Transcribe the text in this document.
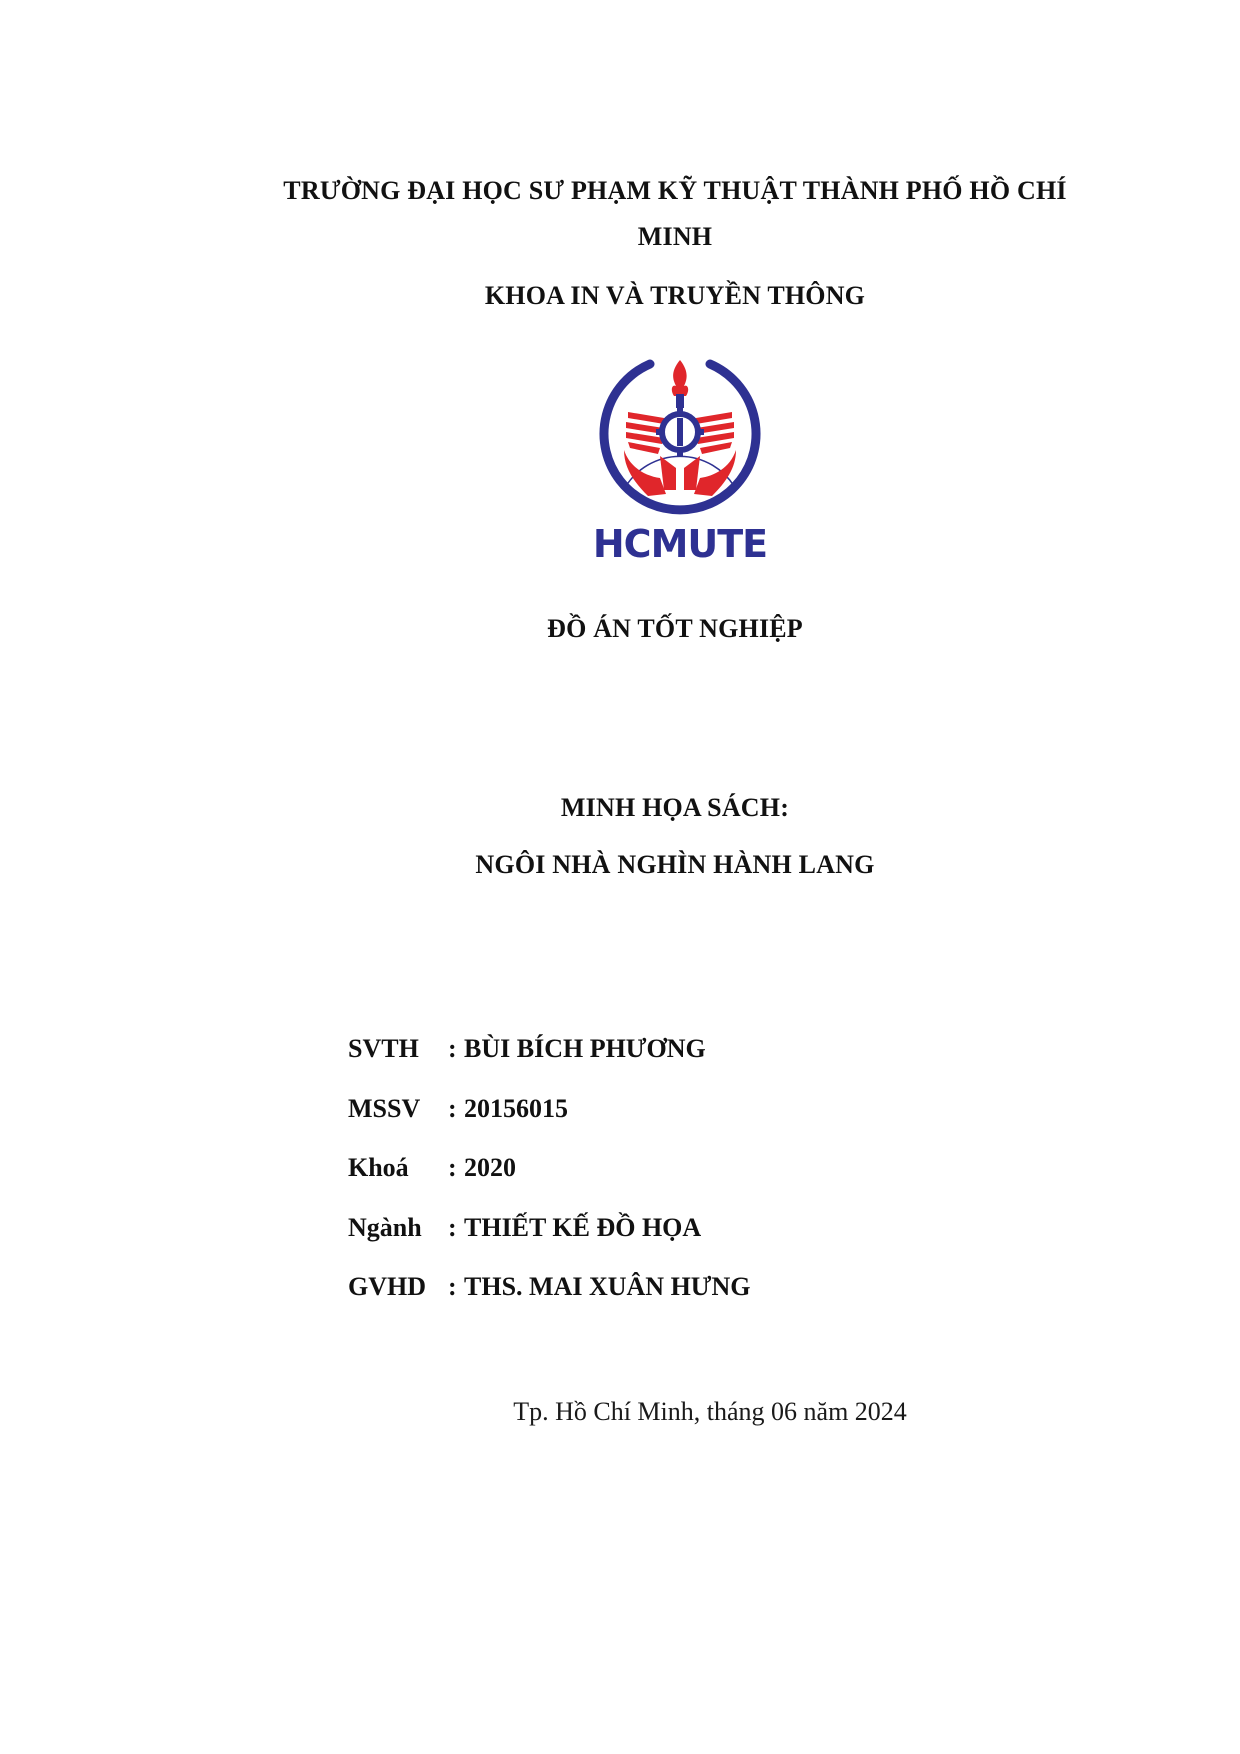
TRƯỜNG ĐẠI HỌC SƯ PHẠM KỸ THUẬT THÀNH PHỐ HỒ CHÍ
MINH
KHOA IN VÀ TRUYỀN THÔNG
HCMUTE
ĐỒ ÁN TỐT NGHIỆP
MINH HỌA SÁCH:
NGÔI NHÀ NGHÌN HÀNH LANG
SVTH	: BÙI BÍCH PHƯƠNG
MSSV	: 20156015
Khoá	: 2020
Ngành	: THIẾT KẾ ĐỒ HỌA
GVHD : THS. MAI XUÂN HƯNG
Tp. Hồ Chí Minh, tháng 06 năm 2024
